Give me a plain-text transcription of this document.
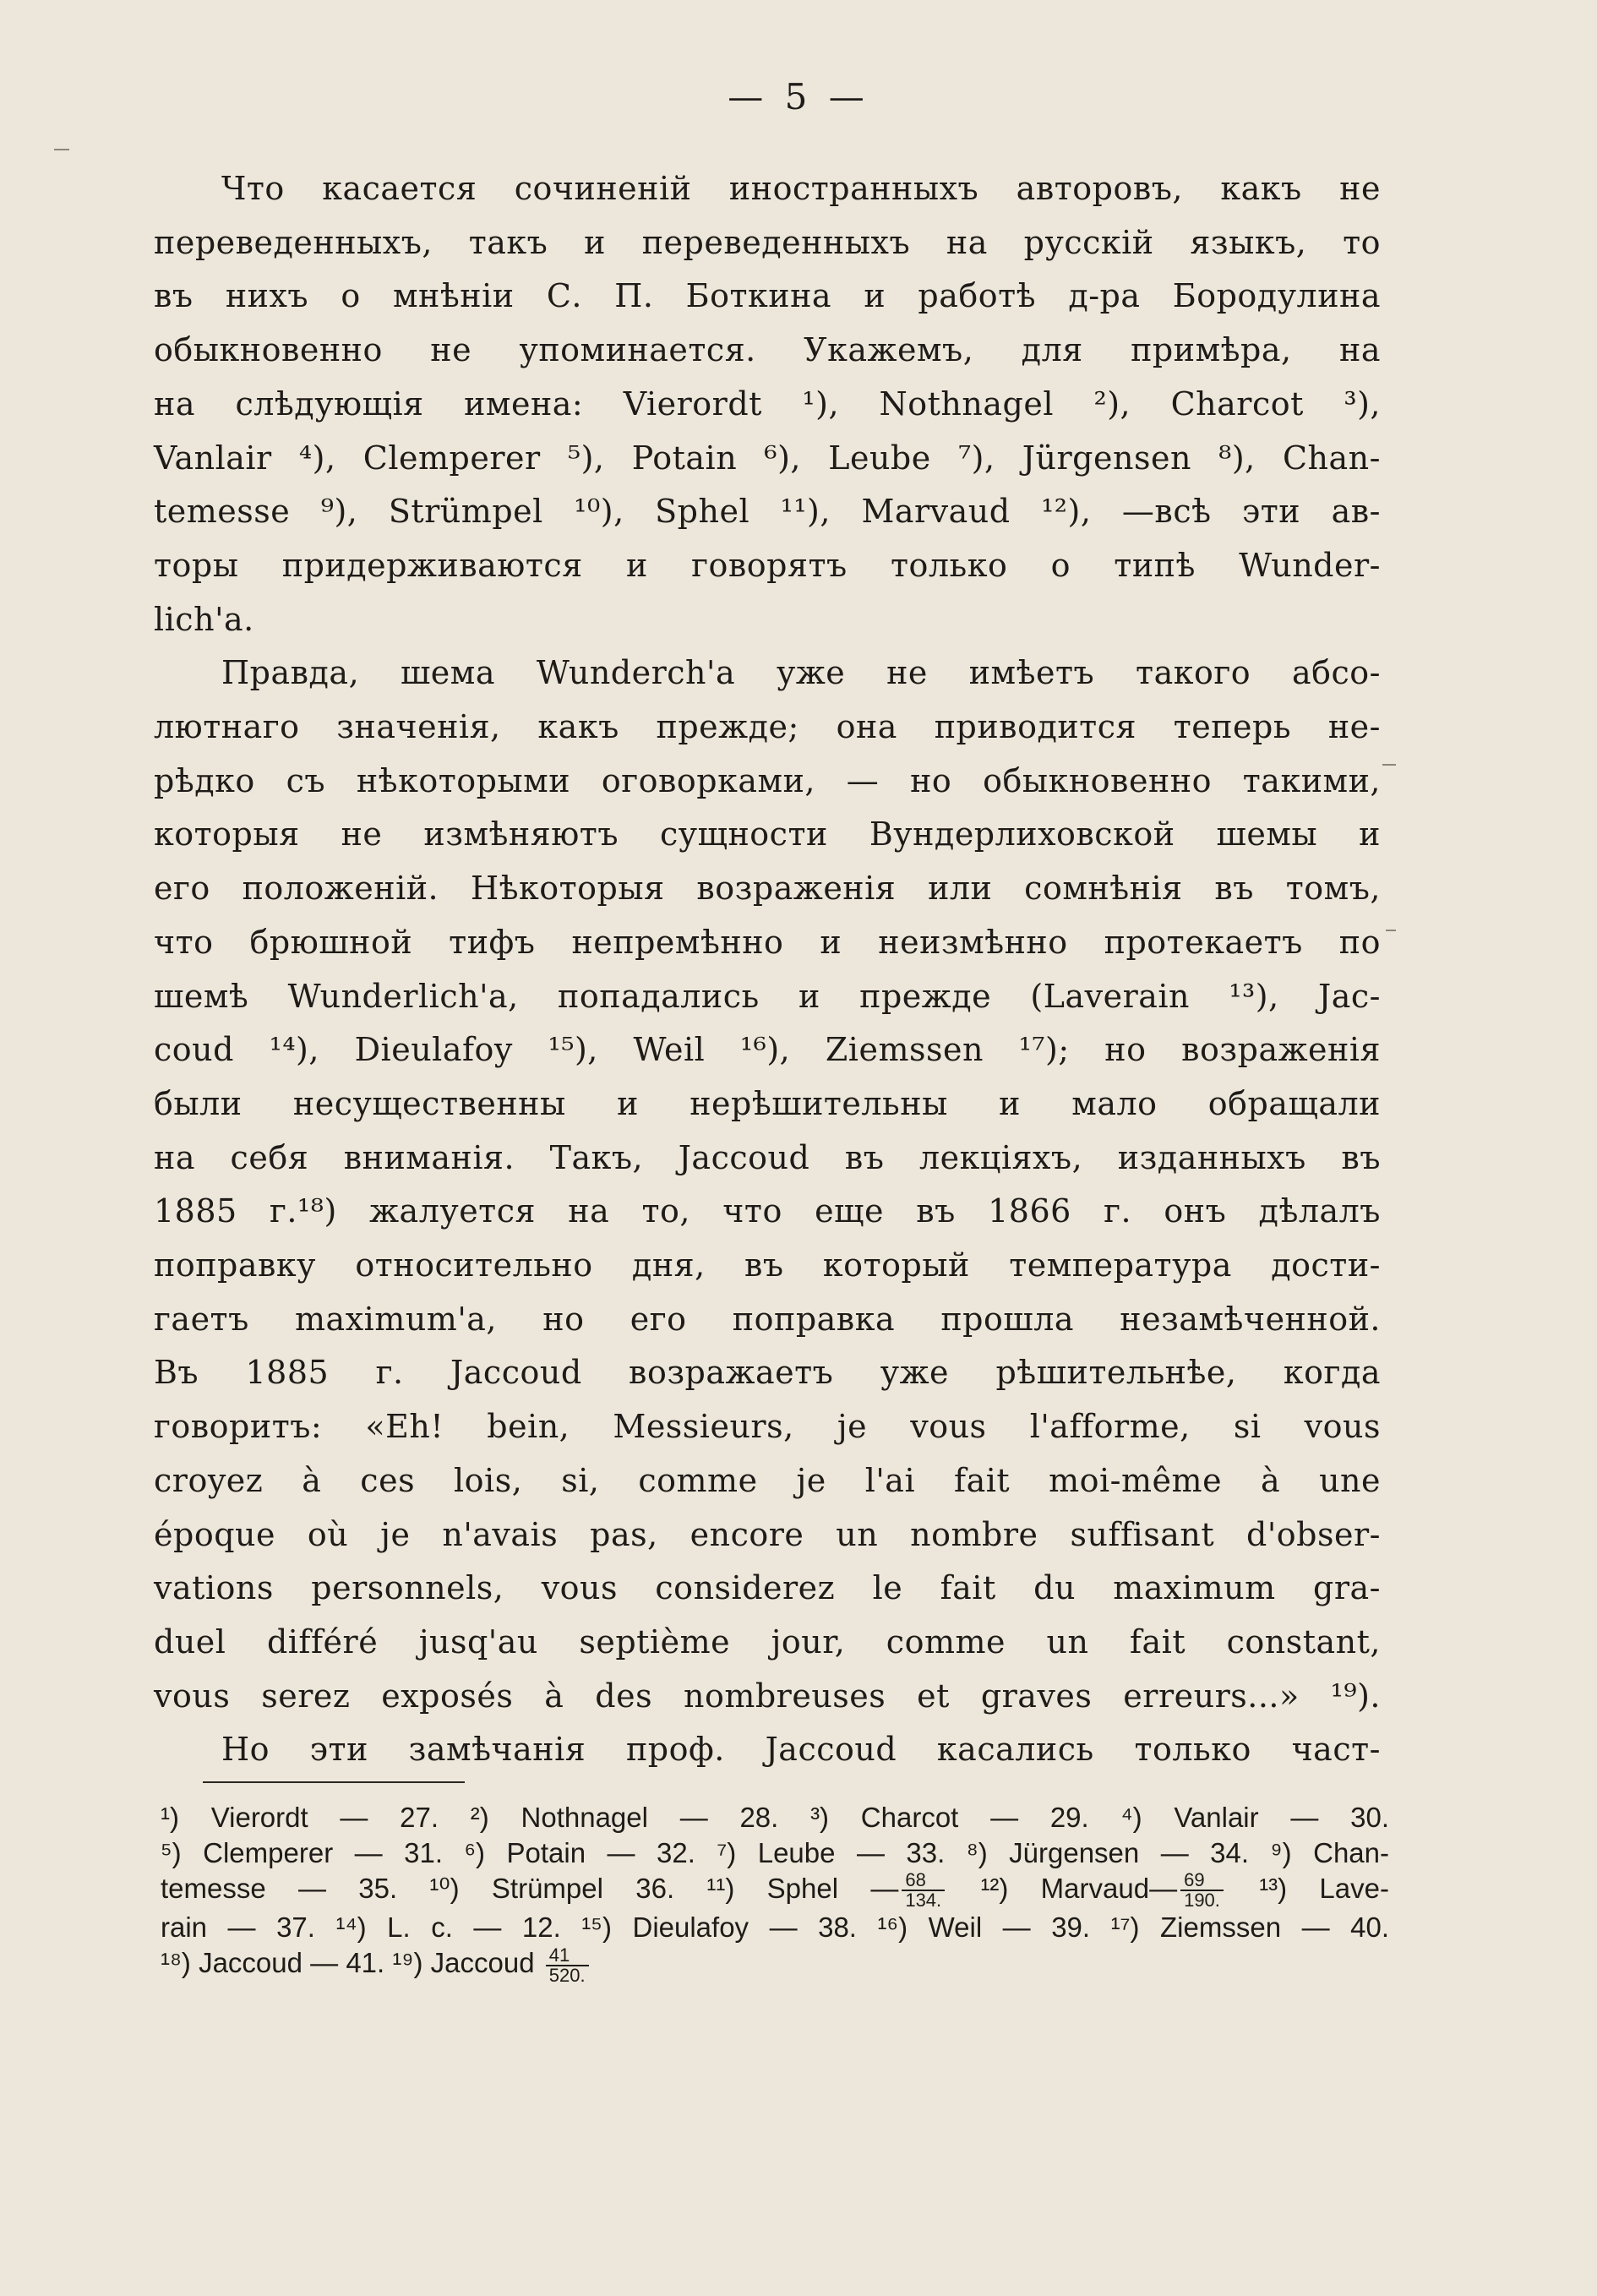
— 5 —
Что касается сочиненій иностранныхъ авторовъ, какъ не
переведенныхъ, такъ и переведенныхъ на русскій языкъ, то
въ нихъ о мнѣніи С. П. Боткина и работѣ д-ра Бородулина
обыкновенно не упоминается. Укажемъ, для примѣра, на
на слѣдующія имена: Vierordt ¹), Nothnagel ²), Charcot ³),
Vanlair ⁴), Clemperer ⁵), Potain ⁶), Leube ⁷), Jürgensen ⁸), Chan-
temesse ⁹), Strümpel ¹⁰), Sphel ¹¹), Marvaud ¹²), —всѣ эти ав-
торы придерживаются и говорятъ только о типѣ Wunder-
lich'a.
Правда, шема Wunderch'a уже не имѣетъ такого абсо-
лютнаго значенія, какъ прежде; она приводится теперь не-
рѣдко съ нѣкоторыми оговорками, — но обыкновенно такими,
которыя не измѣняютъ сущности Вундерлиховской шемы и
его положеній. Нѣкоторыя возраженія или сомнѣнія въ томъ,
что брюшной тифъ непремѣнно и неизмѣнно протекаетъ по
шемѣ Wunderlich'a, попадались и прежде (Laverain ¹³), Jac-
coud ¹⁴), Dieulafoy ¹⁵), Weil ¹⁶), Ziemssen ¹⁷); но возраженія
были несущественны и нерѣшительны и мало обращали
на себя вниманія. Такъ, Jaccoud въ лекціяхъ, изданныхъ въ
1885 г.¹⁸) жалуется на то, что еще въ 1866 г. онъ дѣлалъ
поправку относительно дня, въ который температура дости-
гаетъ maximum'a, но его поправка прошла незамѣченной.
Въ 1885 г. Jaccoud возражаетъ уже рѣшительнѣе, когда
говоритъ: «Eh! bein, Messieurs, je vous l'afforme, si vous
croyez à ces lois, si, comme je l'ai fait moi-même à une
époque où je n'avais pas, encore un nombre suffisant d'obser-
vations personnels, vous considerez le fait du maximum gra-
duel différé jusq'au septième jour, comme un fait constant,
vous serez exposés à des nombreuses et graves erreurs...» ¹⁹).
Но эти замѣчанія проф. Jaccoud касались только част-
¹) Vierordt — 27. ²) Nothnagel — 28. ³) Charcot — 29. ⁴) Vanlair — 30.
⁵) Clemperer — 31. ⁶) Potain — 32. ⁷) Leube — 33. ⁸) Jürgensen — 34. ⁹) Chan-
temesse — 35. ¹⁰) Strümpel 36. ¹¹) Sphel — $\frac{68}{134.} ^{12}$) Marvaud— $\frac{69}{190.} ^{13}$) Lave-
rain — 37. ¹⁴) L. c. — 12. ¹⁵) Dieulafoy — 38. ¹⁶) Weil — 39. ¹⁷) Ziemssen — 40.
¹⁸) Jaccoud — 41. ¹⁹) Jaccoud $\frac{41}{520.}$
